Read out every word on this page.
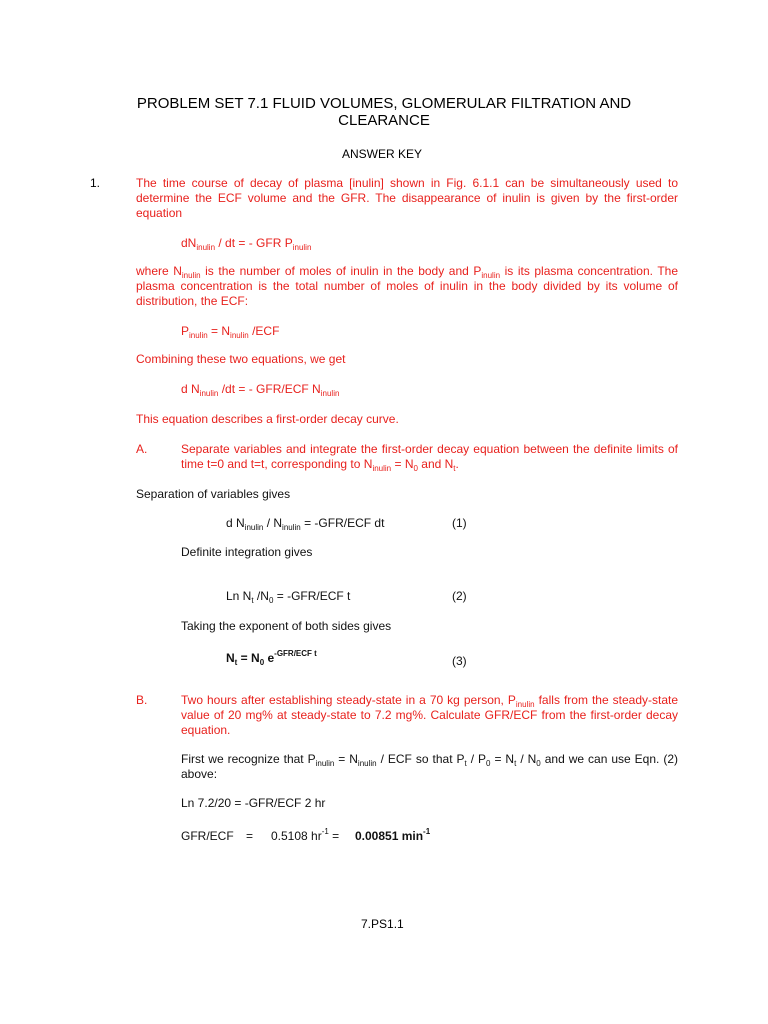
PROBLEM SET 7.1 FLUID VOLUMES, GLOMERULAR FILTRATION AND
CLEARANCE
ANSWER KEY
1.	The time course of decay of plasma [inulin] shown in Fig. 6.1.1 can be simultaneously used to determine the ECF volume and the GFR. The disappearance of inulin is given by the first-order equation
$dN_{inulin}$ / dt = - GFR $P_{inulin}$
where $N_{inulin}$ is the number of moles of inulin in the body and $P_{inulin}$ is its plasma concentration. The plasma concentration is the total number of moles of inulin in the body divided by its volume of distribution, the ECF:
$P_{inulin} = N_{inulin}$ /ECF
Combining these two equations, we get
d $N_{inulin}$ /dt = - GFR/ECF $N_{inulin}$
This equation describes a first-order decay curve.
A.	Separate variables and integrate the first-order decay equation between the definite limits of time t=0 and t=t, corresponding to $N_{inulin} = N_0$ and $N_t$.
Separation of variables gives
d $N_{inulin} / N_{inulin} = -GFR/ECF$ dt	(1)
Definite integration gives
Ln $N_t$ $/N_0 = -GFR/ECF$ t	(2)
Taking the exponent of both sides gives
$N_t = N_0$ $e^{-GFR/ECF t}$
(3)
B.	Two hours after establishing steady-state in a 70 kg person, $P_{inulin}$ falls from the steady-state value of 20 mg% at steady-state to 7.2 mg%. Calculate GFR/ECF from the first-order decay equation.
First we recognize that $P_{inulin} = N_{inulin}$ / ECF so that $P_t / P_0 = N_t / N_0$ and we can use Eqn. (2) above:
Ln 7.2/20 = -GFR/ECF 2 hr
GFR/ECF = 0.5108 $hr^{-1} = 0.00851$ $\min^{-1}$
7.PS1.1
